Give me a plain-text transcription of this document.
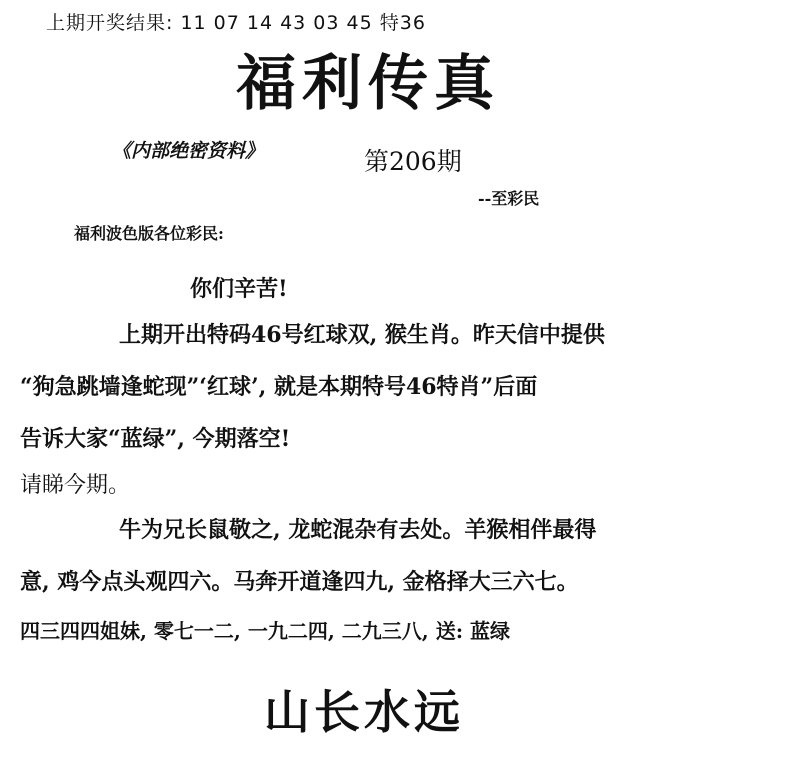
上期开奖结果: 11 07 14 43 03 45 特36
福利传真
《内部绝密资料》	第206期
--至彩民
福利波色版各位彩民:
你们辛苦!
上期开出特码46号红球双, 猴生肖。昨天信中提供
“狗急跳墙逢蛇现”‘红球’, 就是本期特号46特肖”后面
告诉大家“蓝绿”, 今期落空!
请睇今期。
牛为兄长鼠敬之, 龙蛇混杂有去处。羊猴相伴最得
意, 鸡今点头观四六。马奔开道逢四九, 金格择大三六七。
四三四四姐妹, 零七一二, 一九二四, 二九三八, 送: 蓝绿
山长水远
